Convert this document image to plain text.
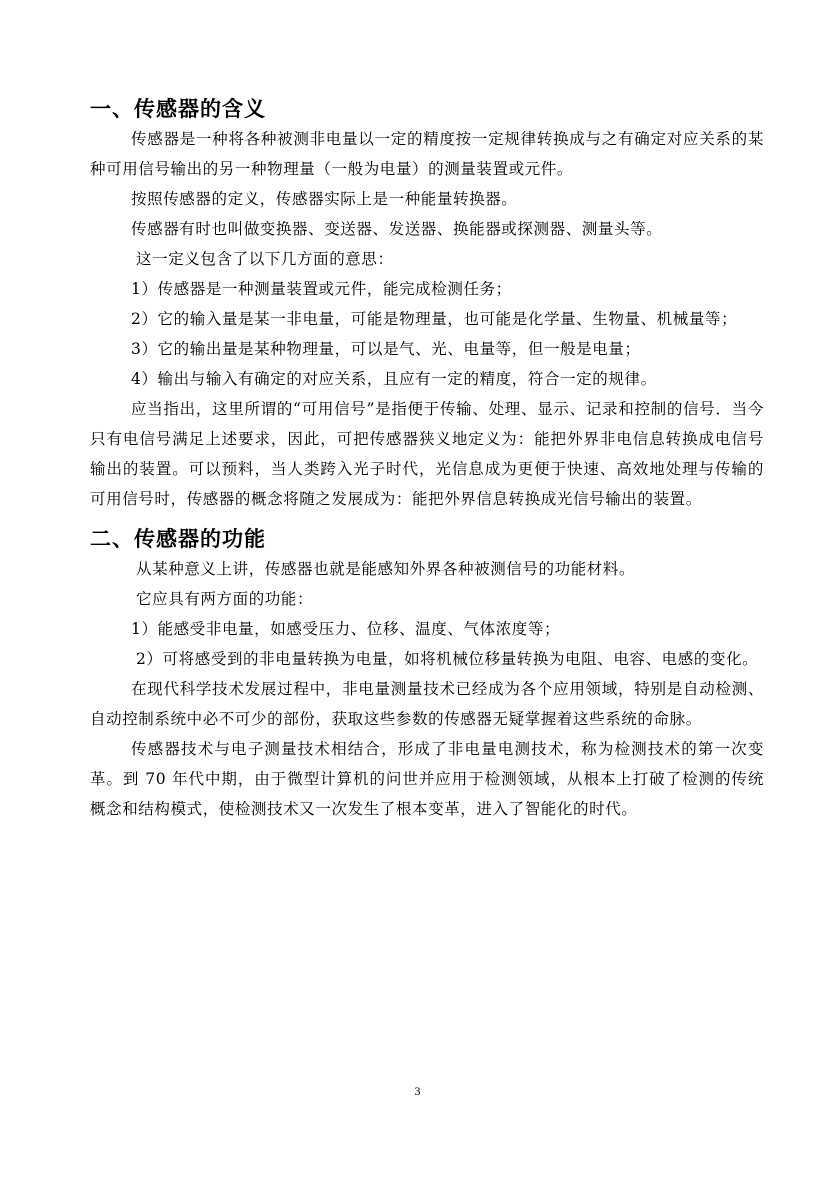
一、传感器的含义

传感器是一种将各种被测非电量以一定的精度按一定规律转换成与之有确定对应关系的某种可用信号输出的另一种物理量（一般为电量）的测量装置或元件。

按照传感器的定义，传感器实际上是一种能量转换器。

传感器有时也叫做变换器、变送器、发送器、换能器或探测器、测量头等。

这一定义包含了以下几方面的意思：

1）传感器是一种测量装置或元件，能完成检测任务；

2）它的输入量是某一非电量，可能是物理量，也可能是化学量、生物量、机械量等；

3）它的输出量是某种物理量，可以是气、光、电量等，但一般是电量；

4）输出与输入有确定的对应关系，且应有一定的精度，符合一定的规律。

应当指出，这里所谓的“可用信号”是指便于传输、处理、显示、记录和控制的信号．当今只有电信号满足上述要求，因此，可把传感器狭义地定义为：能把外界非电信息转换成电信号输出的装置。可以预料，当人类跨入光子时代，光信息成为更便于快速、高效地处理与传输的可用信号时，传感器的概念将随之发展成为：能把外界信息转换成光信号输出的装置。

二、传感器的功能

从某种意义上讲，传感器也就是能感知外界各种被测信号的功能材料。

它应具有两方面的功能：

1）能感受非电量，如感受压力、位移、温度、气体浓度等；

2）可将感受到的非电量转换为电量，如将机械位移量转换为电阻、电容、电感的变化。

在现代科学技术发展过程中，非电量测量技术已经成为各个应用领域，特别是自动检测、自动控制系统中必不可少的部份，获取这些参数的传感器无疑掌握着这些系统的命脉。

传感器技术与电子测量技术相结合，形成了非电量电测技术，称为检测技术的第一次变革。到 70 年代中期，由于微型计算机的问世并应用于检测领域，从根本上打破了检测的传统概念和结构模式，使检测技术又一次发生了根本变革，进入了智能化的时代。

3
